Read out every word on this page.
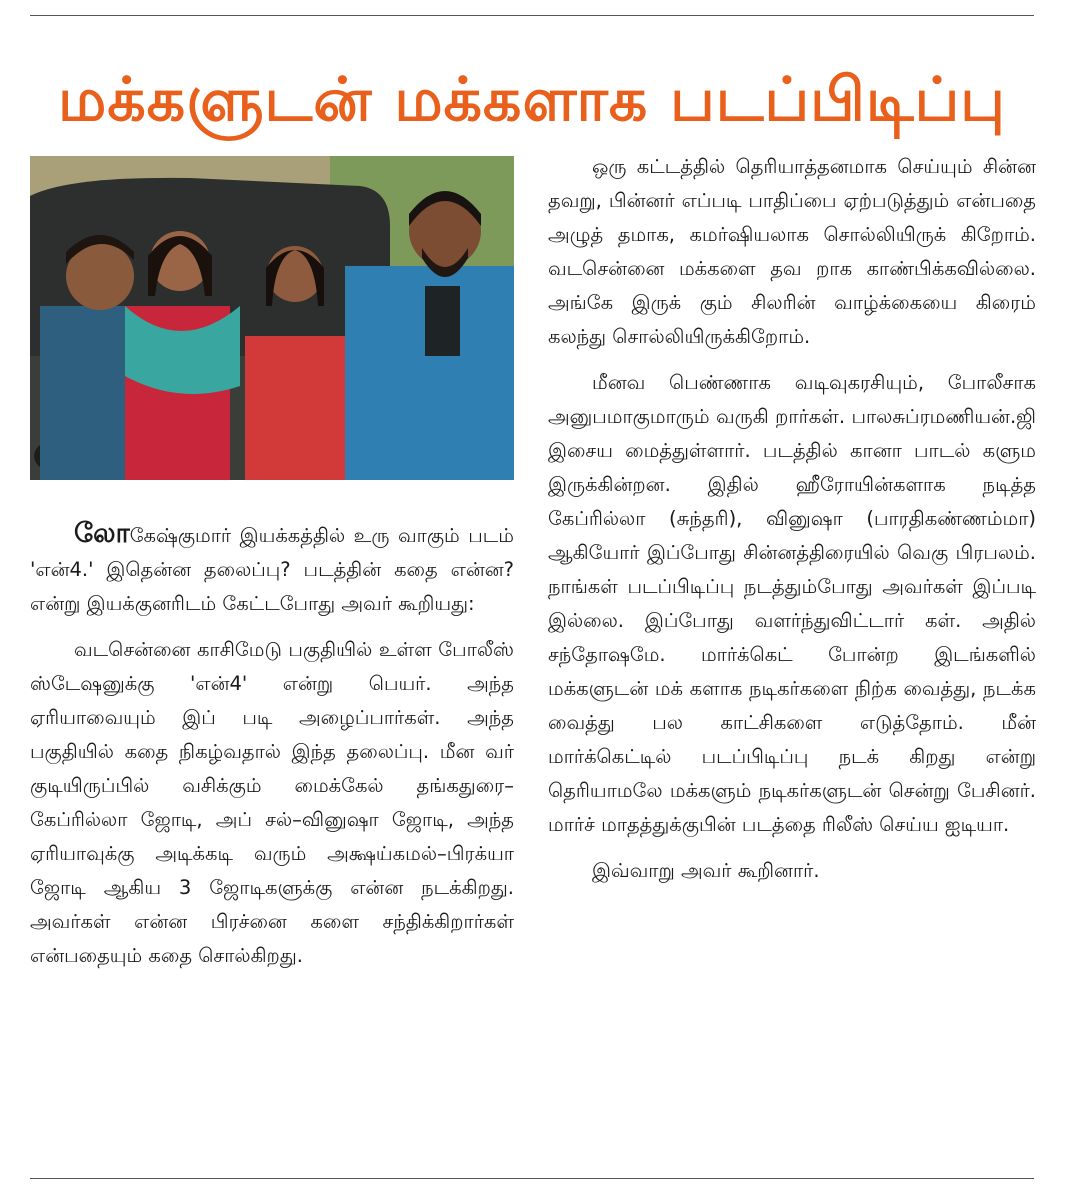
மக்களுடன் மக்களாக படப்பிடிப்பு

லோகேஷ்குமார் இயக்கத்தில் உரு வாகும் படம் 'என்4.' இதென்ன தலைப்பு? படத்தின் கதை என்ன? என்று இயக்குனரிடம் கேட்டபோது அவர் கூறியது:

வடசென்னை காசிமேடு பகுதியில் உள்ள போலீஸ் ஸ்டேஷனுக்கு 'என்4' என்று பெயர். அந்த ஏரியாவையும் இப் படி அழைப்பார்கள். அந்த பகுதியில் கதை நிகழ்வதால் இந்த தலைப்பு. மீன வர் குடியிருப்பில் வசிக்கும் மைக்கேல் தங்கதுரை– கேப்ரில்லா ஜோடி, அப் சல்–வினுஷா ஜோடி, அந்த ஏரியாவுக்கு அடிக்கடி வரும் அக்ஷய்கமல்–பிரக்யா ஜோடி ஆகிய 3 ஜோடிகளுக்கு என்ன நடக்கிறது. அவர்கள் என்ன பிரச்னை களை சந்திக்கிறார்கள் என்பதையும் கதை சொல்கிறது.

ஒரு கட்டத்தில் தெரியாத்தனமாக செய்யும் சின்ன தவறு, பின்னர் எப்படி பாதிப்பை ஏற்படுத்தும் என்பதை அழுத் தமாக, கமர்ஷியலாக சொல்லியிருக் கிறோம். வடசென்னை மக்களை தவ றாக காண்பிக்கவில்லை. அங்கே இருக் கும் சிலரின் வாழ்க்கையை கிரைம் கலந்து சொல்லியிருக்கிறோம்.

மீனவ பெண்ணாக வடிவுகரசியும், போலீசாக அனுபமாகுமாரும் வருகி றார்கள். பாலசுப்ரமணியன்.ஜி இசைய மைத்துள்ளார். படத்தில் கானா பாடல் களும இருக்கின்றன. இதில் ஹீரோயின்களாக நடித்த கேப்ரில்லா (சுந்தரி), வினுஷா (பாரதிகண்ணம்மா) ஆகியோர் இப்போது சின்னத்திரையில் வெகு பிரபலம். நாங்கள் படப்பிடிப்பு நடத்தும்போது அவர்கள் இப்படி இல்லை. இப்போது வளர்ந்துவிட்டார் கள். அதில் சந்தோஷமே. மார்க்கெட் போன்ற இடங்களில் மக்களுடன் மக் களாக நடிகர்களை நிற்க வைத்து, நடக்க வைத்து பல காட்சிகளை எடுத்தோம். மீன் மார்க்கெட்டில் படப்பிடிப்பு நடக் கிறது என்று தெரியாமலே மக்களும் நடிகர்களுடன் சென்று பேசினர். மார்ச் மாதத்துக்குபின் படத்தை ரிலீஸ் செய்ய ஐடியா.

இவ்வாறு அவர் கூறினார்.
